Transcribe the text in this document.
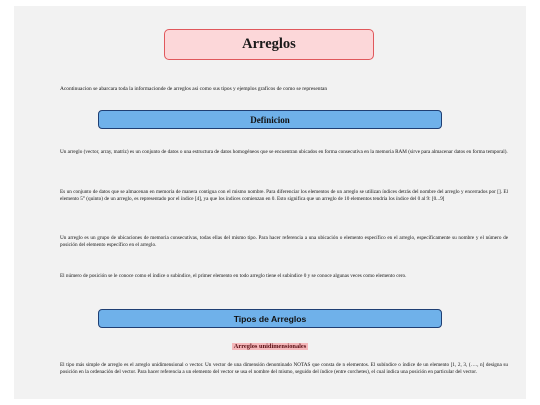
Arreglos

Acontinuacion se abarcara toda la informacionde de arreglos asi como sus tipos y ejemplos graficos de como se representan

Definicion

Un arreglo (vector, array, matriz) es un conjunto de datos o una estructura de datos homogéneos que se encuentran ubicados en forma consecutiva en la memoria RAM (sirve para almacenar datos en forma temporal).

Es un conjunto de datos que se almacenan en memoria de manera contigua con el mismo nombre. Para diferenciar los elementos de un arreglo se utilizan índices detrás del nombre del arreglo y encerrados por []. El elemento 5° (quinto) de un arreglo, es representado por el índice [4], ya que los índices comienzan en 0. Esto significa que un arreglo de 10 elementos tendría los índice del 0 al 9: [0...9]

Un arreglo es un grupo de ubicaciones de memoria consecutivas, todas ellas del mismo tipo. Para hacer referencia a una ubicación o elemento específico en el arreglo, específicamente su nombre y el número de posición del elemento específico en el arreglo.

El número de posición se le conoce como el índice o subíndice, el primer elemento en todo arreglo tiene el subíndice 0 y se conoce algunas veces como elemento cero.

Tipos de Arreglos
Arreglos unidimensionales

El tipo más simple de arreglo es el arreglo unidimensional o vector. Un vector de una dimensión denominado NOTAS que consta de n elementos. El subíndice o índice de un elemento [1, 2, 3, (…., n] designa su posición en la ordenación del vector. Para hacer referencia a un elemento del vector se usa el nombre del mismo, seguido del índice (entre corchetes), el cual indica una posición en particular del vector.
